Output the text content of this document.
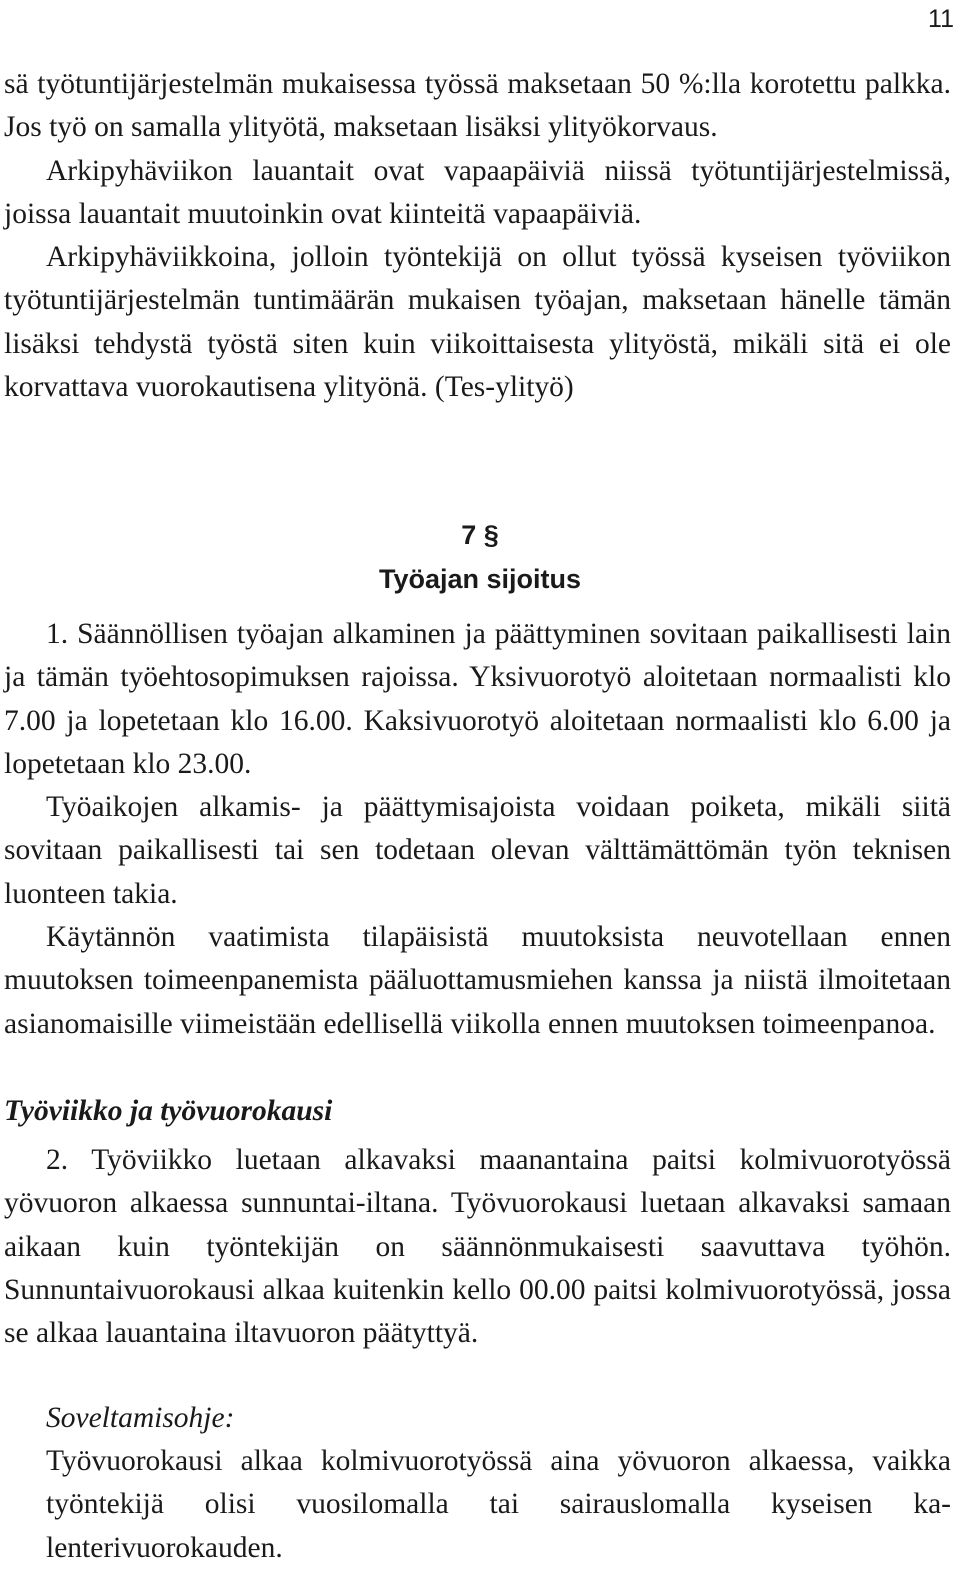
11

sä työtuntijärjestelmän mukaisessa työssä maksetaan 50 %:lla korotettu palkka. Jos työ on samalla ylityötä, maksetaan lisäksi ylityökorvaus.

Arkipyhäviikon lauantait ovat vapaapäiviä niissä työtuntijärjestelmissä, joissa lauantait muutoinkin ovat kiinteitä vapaapäiviä.

Arkipyhäviikkoina, jolloin työntekijä on ollut työssä kyseisen työviikon työtuntijärjestelmän tuntimäärän mukaisen työajan, maksetaan hänelle tämän lisäksi tehdystä työstä siten kuin viikoittaisesta ylityöstä, mikäli sitä ei ole korvattava vuorokautisena ylityönä. (Tes-ylityö)

7 §
Työajan sijoitus

1. Säännöllisen työajan alkaminen ja päättyminen sovitaan paikallisesti lain ja tämän työehtosopimuksen rajoissa. Yksivuorotyö aloitetaan normaalisti klo 7.00 ja lopetetaan klo 16.00. Kaksivuorotyö aloitetaan normaalisti klo 6.00 ja lopetetaan klo 23.00.

Työaikojen alkamis- ja päättymisajoista voidaan poiketa, mikäli siitä sovitaan paikallisesti tai sen todetaan olevan välttämättömän työn teknisen luonteen takia.

Käytännön vaatimista tilapäisistä muutoksista neuvotellaan ennen muutoksen toimeenpanemista pääluottamusmiehen kanssa ja niistä ilmoitetaan asianomaisille viimeistään edellisellä viikolla ennen muutoksen toimeenpanoa.

Työviikko ja työvuorokausi

2. Työviikko luetaan alkavaksi maanantaina paitsi kolmivuorotyössä yövuoron alkaessa sunnuntai-iltana. Työvuorokausi luetaan alkavaksi samaan aikaan kuin työntekijän on säännönmukaisesti saavuttava työhön. Sunnuntaivuorokausi alkaa kuitenkin kello 00.00 paitsi kolmivuorotyössä, jossa se alkaa lauantaina iltavuoron päätyttyä.

Soveltamisohje:

Työvuorokausi alkaa kolmivuorotyössä aina yövuoron alkaessa, vaikka työntekijä olisi vuosilomalla tai sairauslomalla kyseisen kalenterivuorokauden.
